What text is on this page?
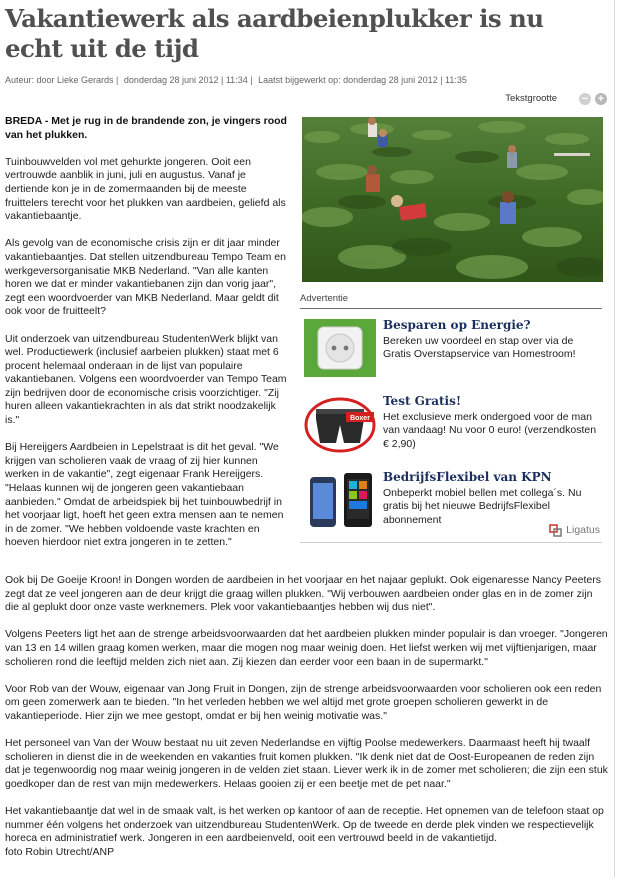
Vakantiewerk als aardbeienplukker is nu echt uit de tijd
Auteur: door Lieke Gerards | donderdag 28 juni 2012 | 11:34 | Laatst bijgewerkt op: donderdag 28 juni 2012 | 11:35
Tekstgrootte − +

BREDA - Met je rug in de brandende zon, je vingers rood van het plukken.

Tuinbouwvelden vol met gehurkte jongeren. Ooit een vertrouwde aanblik in juni, juli en augustus. Vanaf je dertiende kon je in de zomermaanden bij de meeste fruittelers terecht voor het plukken van aardbeien, geliefd als vakantiebaantje.

Als gevolg van de economische crisis zijn er dit jaar minder vakantiebaantjes. Dat stellen uitzendbureau Tempo Team en werkgeversorganisatie MKB Nederland. "Van alle kanten horen we dat er minder vakantiebanen zijn dan vorig jaar", zegt een woordvoerder van MKB Nederland. Maar geldt dit ook voor de fruitteelt?

Uit onderzoek van uitzendbureau StudentenWerk blijkt van wel. Productiewerk (inclusief aarbeien plukken) staat met 6 procent helemaal onderaan in de lijst van populaire vakantiebanen. Volgens een woordvoerder van Tempo Team zijn bedrijven door de economische crisis voorzichtiger. "Zij huren alleen vakantiekrachten in als dat strikt noodzakelijk is."

Bij Hereijgers Aardbeien in Lepelstraat is dit het geval. "We krijgen van scholieren vaak de vraag of zij hier kunnen werken in de vakantie", zegt eigenaar Frank Hereijgers. "Helaas kunnen wij de jongeren geen vakantiebaan aanbieden." Omdat de arbeidspiek bij het tuinbouwbedrijf in het voorjaar ligt, hoeft het geen extra mensen aan te nemen in de zomer. "We hebben voldoende vaste krachten en hoeven hierdoor niet extra jongeren in te zetten."

Advertentie
Besparen op Energie?
Bereken uw voordeel en stap over via de Gratis Overstapservice van Homestroom!
Boxer
Test Gratis!
Het exclusieve merk ondergoed voor de man van vandaag! Nu voor 0 euro! (verzendkosten € 2,90)
BedrijfsFlexibel van KPN
Onbeperkt mobiel bellen met collega´s. Nu gratis bij het nieuwe BedrijfsFlexibel abonnement
Ligatus

Ook bij De Goeije Kroon! in Dongen worden de aardbeien in het voorjaar en het najaar geplukt. Ook eigenaresse Nancy Peeters zegt dat ze veel jongeren aan de deur krijgt die graag willen plukken. "Wij verbouwen aardbeien onder glas en in de zomer zijn die al geplukt door onze vaste werknemers. Plek voor vakantiebaantjes hebben wij dus niet".

Volgens Peeters ligt het aan de strenge arbeidsvoorwaarden dat het aardbeien plukken minder populair is dan vroeger. "Jongeren van 13 en 14 willen graag komen werken, maar die mogen nog maar weinig doen. Het liefst werken wij met vijftienjarigen, maar scholieren rond die leeftijd melden zich niet aan. Zij kiezen dan eerder voor een baan in de supermarkt."

Voor Rob van der Wouw, eigenaar van Jong Fruit in Dongen, zijn de strenge arbeidsvoorwaarden voor scholieren ook een reden om geen zomerwerk aan te bieden. "In het verleden hebben we wel altijd met grote groepen scholieren gewerkt in de vakantieperiode. Hier zijn we mee gestopt, omdat er bij hen weinig motivatie was."

Het personeel van Van der Wouw bestaat nu uit zeven Nederlandse en vijftig Poolse medewerkers. Daarmaast heeft hij twaalf scholieren in dienst die in de weekenden en vakanties fruit komen plukken. "Ik denk niet dat de Oost-Europeanen de reden zijn dat je tegenwoordig nog maar weinig jongeren in de velden ziet staan. Liever werk ik in de zomer met scholieren; die zijn een stuk goedkoper dan de rest van mijn medewerkers. Helaas gooien zij er een beetje met de pet naar."

Het vakantiebaantje dat wel in de smaak valt, is het werken op kantoor of aan de receptie. Het opnemen van de telefoon staat op nummer één volgens het onderzoek van uitzendbureau StudentenWerk. Op de tweede en derde plek vinden we respectievelijk horeca en administratief werk. Jongeren in een aardbeienveld, ooit een vertrouwd beeld in de vakantietijd.
foto Robin Utrecht/ANP
